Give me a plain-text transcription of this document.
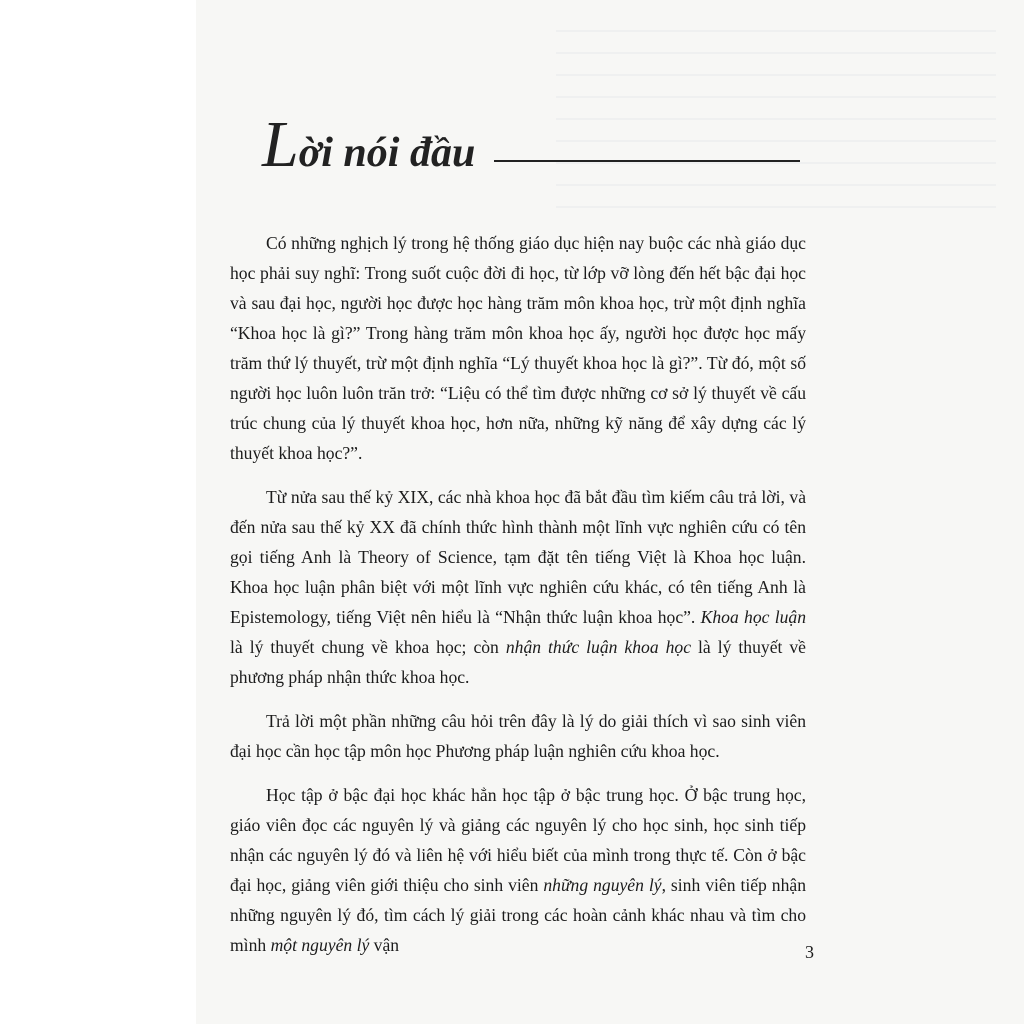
Lời nói đầu

Có những nghịch lý trong hệ thống giáo dục hiện nay buộc các nhà giáo dục học phải suy nghĩ: Trong suốt cuộc đời đi học, từ lớp vỡ lòng đến hết bậc đại học và sau đại học, người học được học hàng trăm môn khoa học, trừ một định nghĩa “Khoa học là gì?” Trong hàng trăm môn khoa học ấy, người học được học mấy trăm thứ lý thuyết, trừ một định nghĩa “Lý thuyết khoa học là gì?”. Từ đó, một số người học luôn luôn trăn trở: “Liệu có thể tìm được những cơ sở lý thuyết về cấu trúc chung của lý thuyết khoa học, hơn nữa, những kỹ năng để xây dựng các lý thuyết khoa học?”.

Từ nửa sau thế kỷ XIX, các nhà khoa học đã bắt đầu tìm kiếm câu trả lời, và đến nửa sau thế kỷ XX đã chính thức hình thành một lĩnh vực nghiên cứu có tên gọi tiếng Anh là Theory of Science, tạm đặt tên tiếng Việt là Khoa học luận. Khoa học luận phân biệt với một lĩnh vực nghiên cứu khác, có tên tiếng Anh là Epistemology, tiếng Việt nên hiểu là “Nhận thức luận khoa học”. Khoa học luận là lý thuyết chung về khoa học; còn nhận thức luận khoa học là lý thuyết về phương pháp nhận thức khoa học.

Trả lời một phần những câu hỏi trên đây là lý do giải thích vì sao sinh viên đại học cần học tập môn học Phương pháp luận nghiên cứu khoa học.

Học tập ở bậc đại học khác hẳn học tập ở bậc trung học. Ở bậc trung học, giáo viên đọc các nguyên lý và giảng các nguyên lý cho học sinh, học sinh tiếp nhận các nguyên lý đó và liên hệ với hiểu biết của mình trong thực tế. Còn ở bậc đại học, giảng viên giới thiệu cho sinh viên những nguyên lý, sinh viên tiếp nhận những nguyên lý đó, tìm cách lý giải trong các hoàn cảnh khác nhau và tìm cho mình một nguyên lý vận	3
